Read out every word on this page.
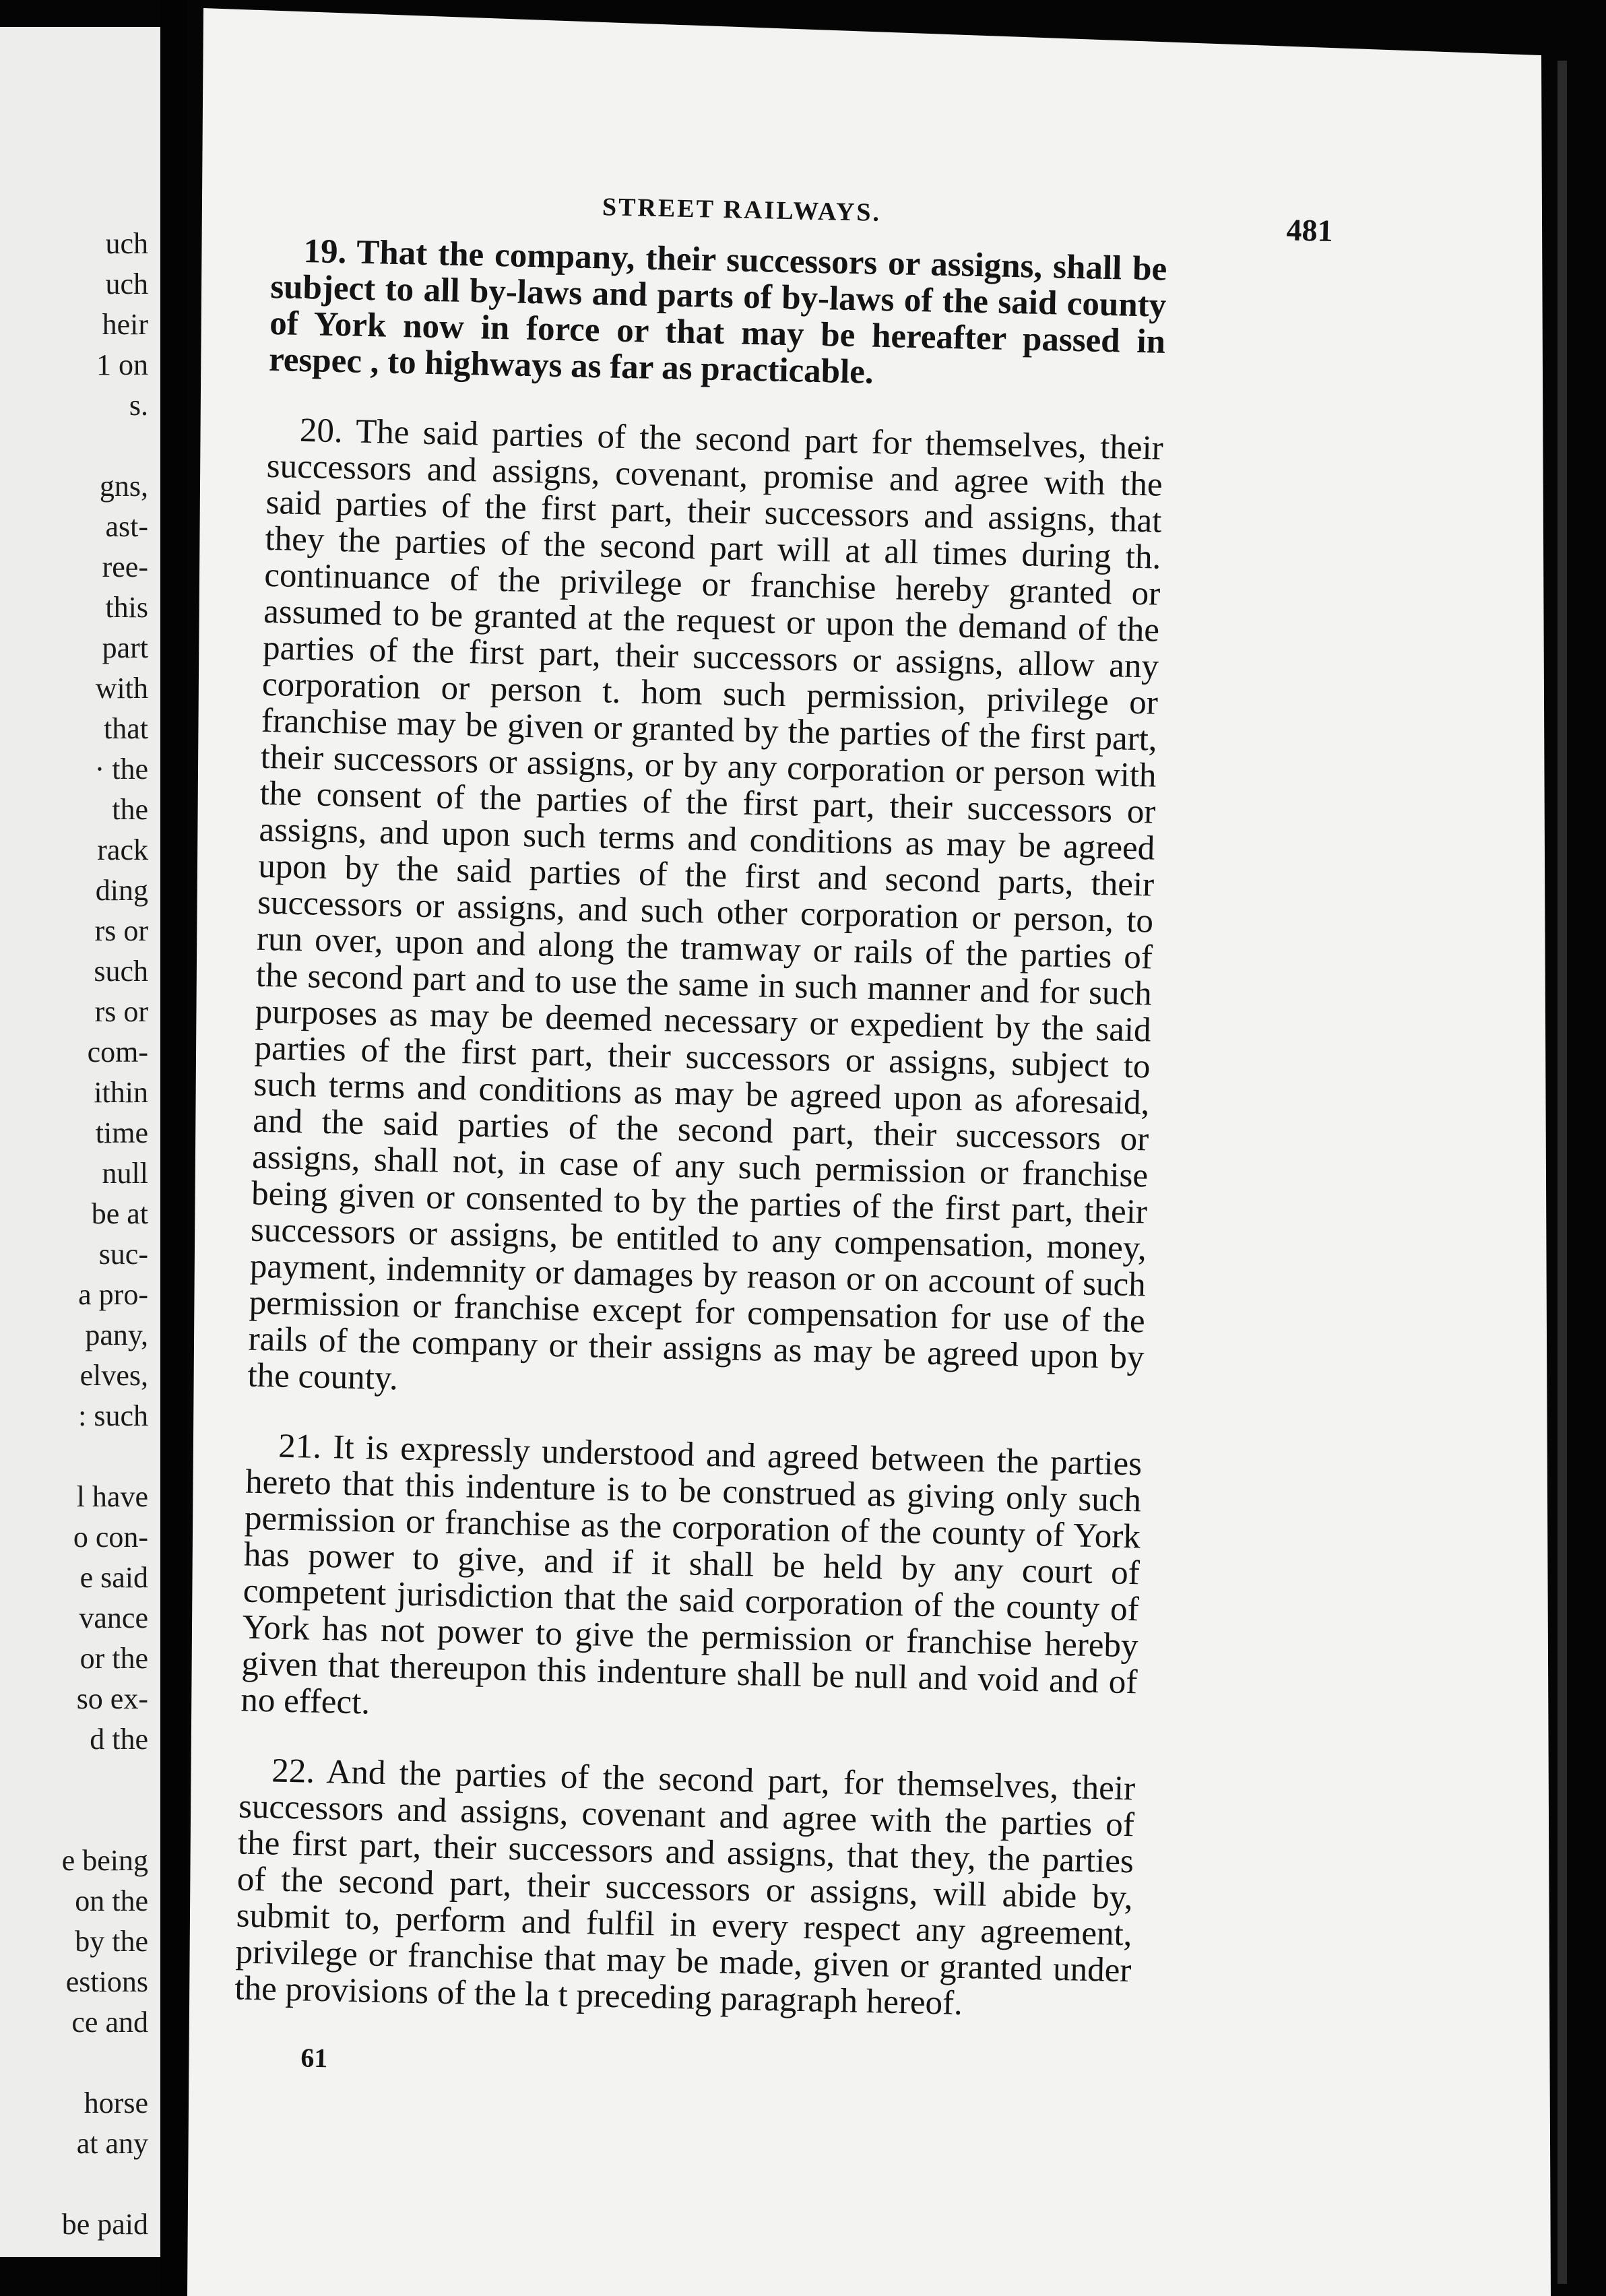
uch
uch
heir
1 on
s.
gns,
ast-
ree-
this
part
with
that
· the
the
rack
ding
rs or
such
rs or
com-
ithin
time
null
be at
suc-
a pro-
pany,
elves,
: such
l have
o con-
e said
vance
or the
so ex-
d the
e being
on the
by the
estions
ce and
horse
at any
be paid
STREET RAILWAYS.
481

19. That the company, their successors or assigns, shall be subject to all by-laws and parts of by-laws of the said county of York now in force or that may be hereafter passed in respec , to highways as far as practicable.

20. The said parties of the second part for themselves, their successors and assigns, covenant, promise and agree with the said parties of the first part, their successors and assigns, that they the parties of the second part will at all times during th. continuance of the privilege or franchise hereby granted or assumed to be granted at the request or upon the demand of the parties of the first part, their successors or assigns, allow any corporation or person t. hom such permission, privilege or franchise may be given or granted by the parties of the first part, their successors or assigns, or by any corporation or person with the consent of the parties of the first part, their successors or assigns, and upon such terms and conditions as may be agreed upon by the said parties of the first and second parts, their successors or assigns, and such other corporation or person, to run over, upon and along the tramway or rails of the parties of the second part and to use the same in such manner and for such purposes as may be deemed necessary or expedient by the said parties of the first part, their successors or assigns, subject to such terms and conditions as may be agreed upon as aforesaid, and the said parties of the second part, their successors or assigns, shall not, in case of any such permission or franchise being given or consented to by the parties of the first part, their successors or assigns, be entitled to any compensation, money, payment, indemnity or damages by reason or on account of such permission or franchise except for compensation for use of the rails of the company or their assigns as may be agreed upon by the county.

21. It is expressly understood and agreed between the parties hereto that this indenture is to be construed as giving only such permission or franchise as the corporation of the county of York has power to give, and if it shall be held by any court of competent jurisdiction that the said corporation of the county of York has not power to give the permission or franchise hereby given that thereupon this indenture shall be null and void and of no effect.

22. And the parties of the second part, for themselves, their successors and assigns, covenant and agree with the parties of the first part, their successors and assigns, that they, the parties of the second part, their successors or assigns, will abide by, submit to, perform and fulfil in every respect any agreement, privilege or franchise that may be made, given or granted under the provisions of the la t preceding paragraph hereof.

61
